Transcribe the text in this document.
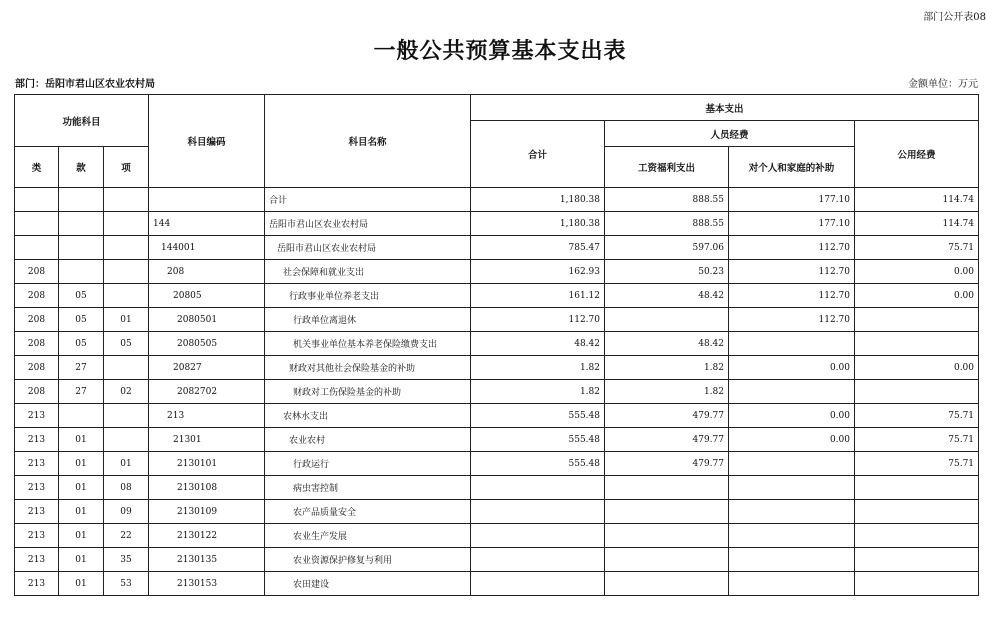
部门公开表08
一般公共预算基本支出表
部门：岳阳市君山区农业农村局	金额单位：万元
功能科目			科目编码	科目名称	基本支出			
					合计	人员经费		公用经费
类	款	项				工资福利支出	对个人和家庭的补助	
				合计	1,180.38	888.55	177.10	114.74
			144	岳阳市君山区农业农村局	1,180.38	888.55	177.10	114.74
			144001	岳阳市君山区农业农村局	785.47	597.06	112.70	75.71
208			208	社会保障和就业支出	162.93	50.23	112.70	0.00
208	05		20805	行政事业单位养老支出	161.12	48.42	112.70	0.00
208	05	01	2080501	行政单位离退休	112.70		112.70	
208	05	05	2080505	机关事业单位基本养老保险缴费支出	48.42	48.42		
208	27		20827	财政对其他社会保险基金的补助	1.82	1.82	0.00	0.00
208	27	02	2082702	财政对工伤保险基金的补助	1.82	1.82		
213			213	农林水支出	555.48	479.77	0.00	75.71
213	01		21301	农业农村	555.48	479.77	0.00	75.71
213	01	01	2130101	行政运行	555.48	479.77		75.71
213	01	08	2130108	病虫害控制				
213	01	09	2130109	农产品质量安全				
213	01	22	2130122	农业生产发展				
213	01	35	2130135	农业资源保护修复与利用				
213	01	53	2130153	农田建设				
